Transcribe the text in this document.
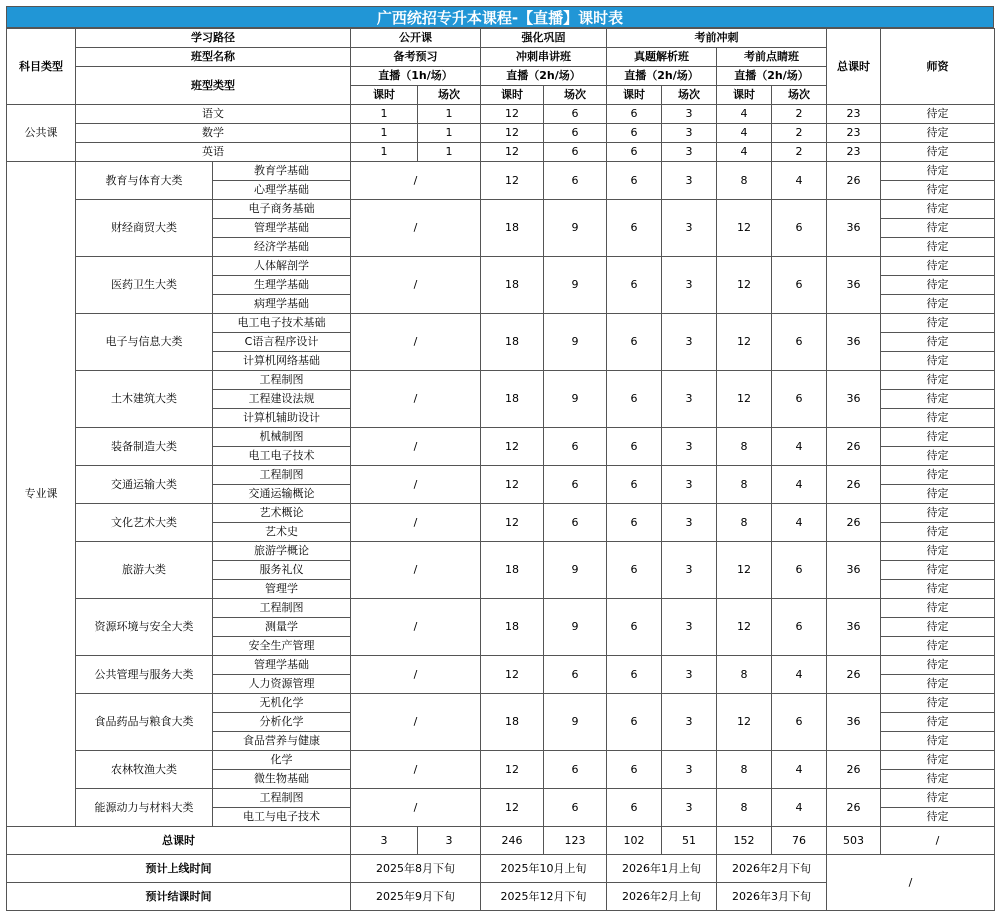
广西统招专升本课程-【直播】课时表
科目类型	学习路径		公开课		强化巩固		考前冲刺				总课时	师资
	班型名称		备考预习		冲刺串讲班		真题解析班		考前点睛班			
	班型类型		直播（1h/场）		直播（2h/场）		直播（2h/场）		直播（2h/场）			
			课时	场次	课时	场次	课时	场次	课时	场次		
公共课	语文		1	1	12	6	6	3	4	2	23	待定
	数学		1	1	12	6	6	3	4	2	23	待定
	英语		1	1	12	6	6	3	4	2	23	待定
专业课	教育与体育大类	教育学基础	/		12	6	6	3	8	4	26	待定
		心理学基础										待定
	财经商贸大类	电子商务基础	/		18	9	6	3	12	6	36	待定
		管理学基础										待定
		经济学基础										待定
	医药卫生大类	人体解剖学	/		18	9	6	3	12	6	36	待定
		生理学基础										待定
		病理学基础										待定
	电子与信息大类	电工电子技术基础	/		18	9	6	3	12	6	36	待定
		C语言程序设计										待定
		计算机网络基础										待定
	土木建筑大类	工程制图	/		18	9	6	3	12	6	36	待定
		工程建设法规										待定
		计算机辅助设计										待定
	装备制造大类	机械制图	/		12	6	6	3	8	4	26	待定
		电工电子技术										待定
	交通运输大类	工程制图	/		12	6	6	3	8	4	26	待定
		交通运输概论										待定
	文化艺术大类	艺术概论	/		12	6	6	3	8	4	26	待定
		艺术史										待定
	旅游大类	旅游学概论	/		18	9	6	3	12	6	36	待定
		服务礼仪										待定
		管理学										待定
	资源环境与安全大类	工程制图	/		18	9	6	3	12	6	36	待定
		测量学										待定
		安全生产管理										待定
	公共管理与服务大类	管理学基础	/		12	6	6	3	8	4	26	待定
		人力资源管理										待定
	食品药品与粮食大类	无机化学	/		18	9	6	3	12	6	36	待定
		分析化学										待定
		食品营养与健康										待定
	农林牧渔大类	化学	/		12	6	6	3	8	4	26	待定
		微生物基础										待定
	能源动力与材料大类	工程制图	/		12	6	6	3	8	4	26	待定
		电工与电子技术										待定
总课时			3	3	246	123	102	51	152	76	503	/
预计上线时间			2025年8月下旬		2025年10月上旬		2026年1月上旬		2026年2月下旬		/	
预计结课时间			2025年9月下旬		2025年12月下旬		2026年2月上旬		2026年3月下旬			
